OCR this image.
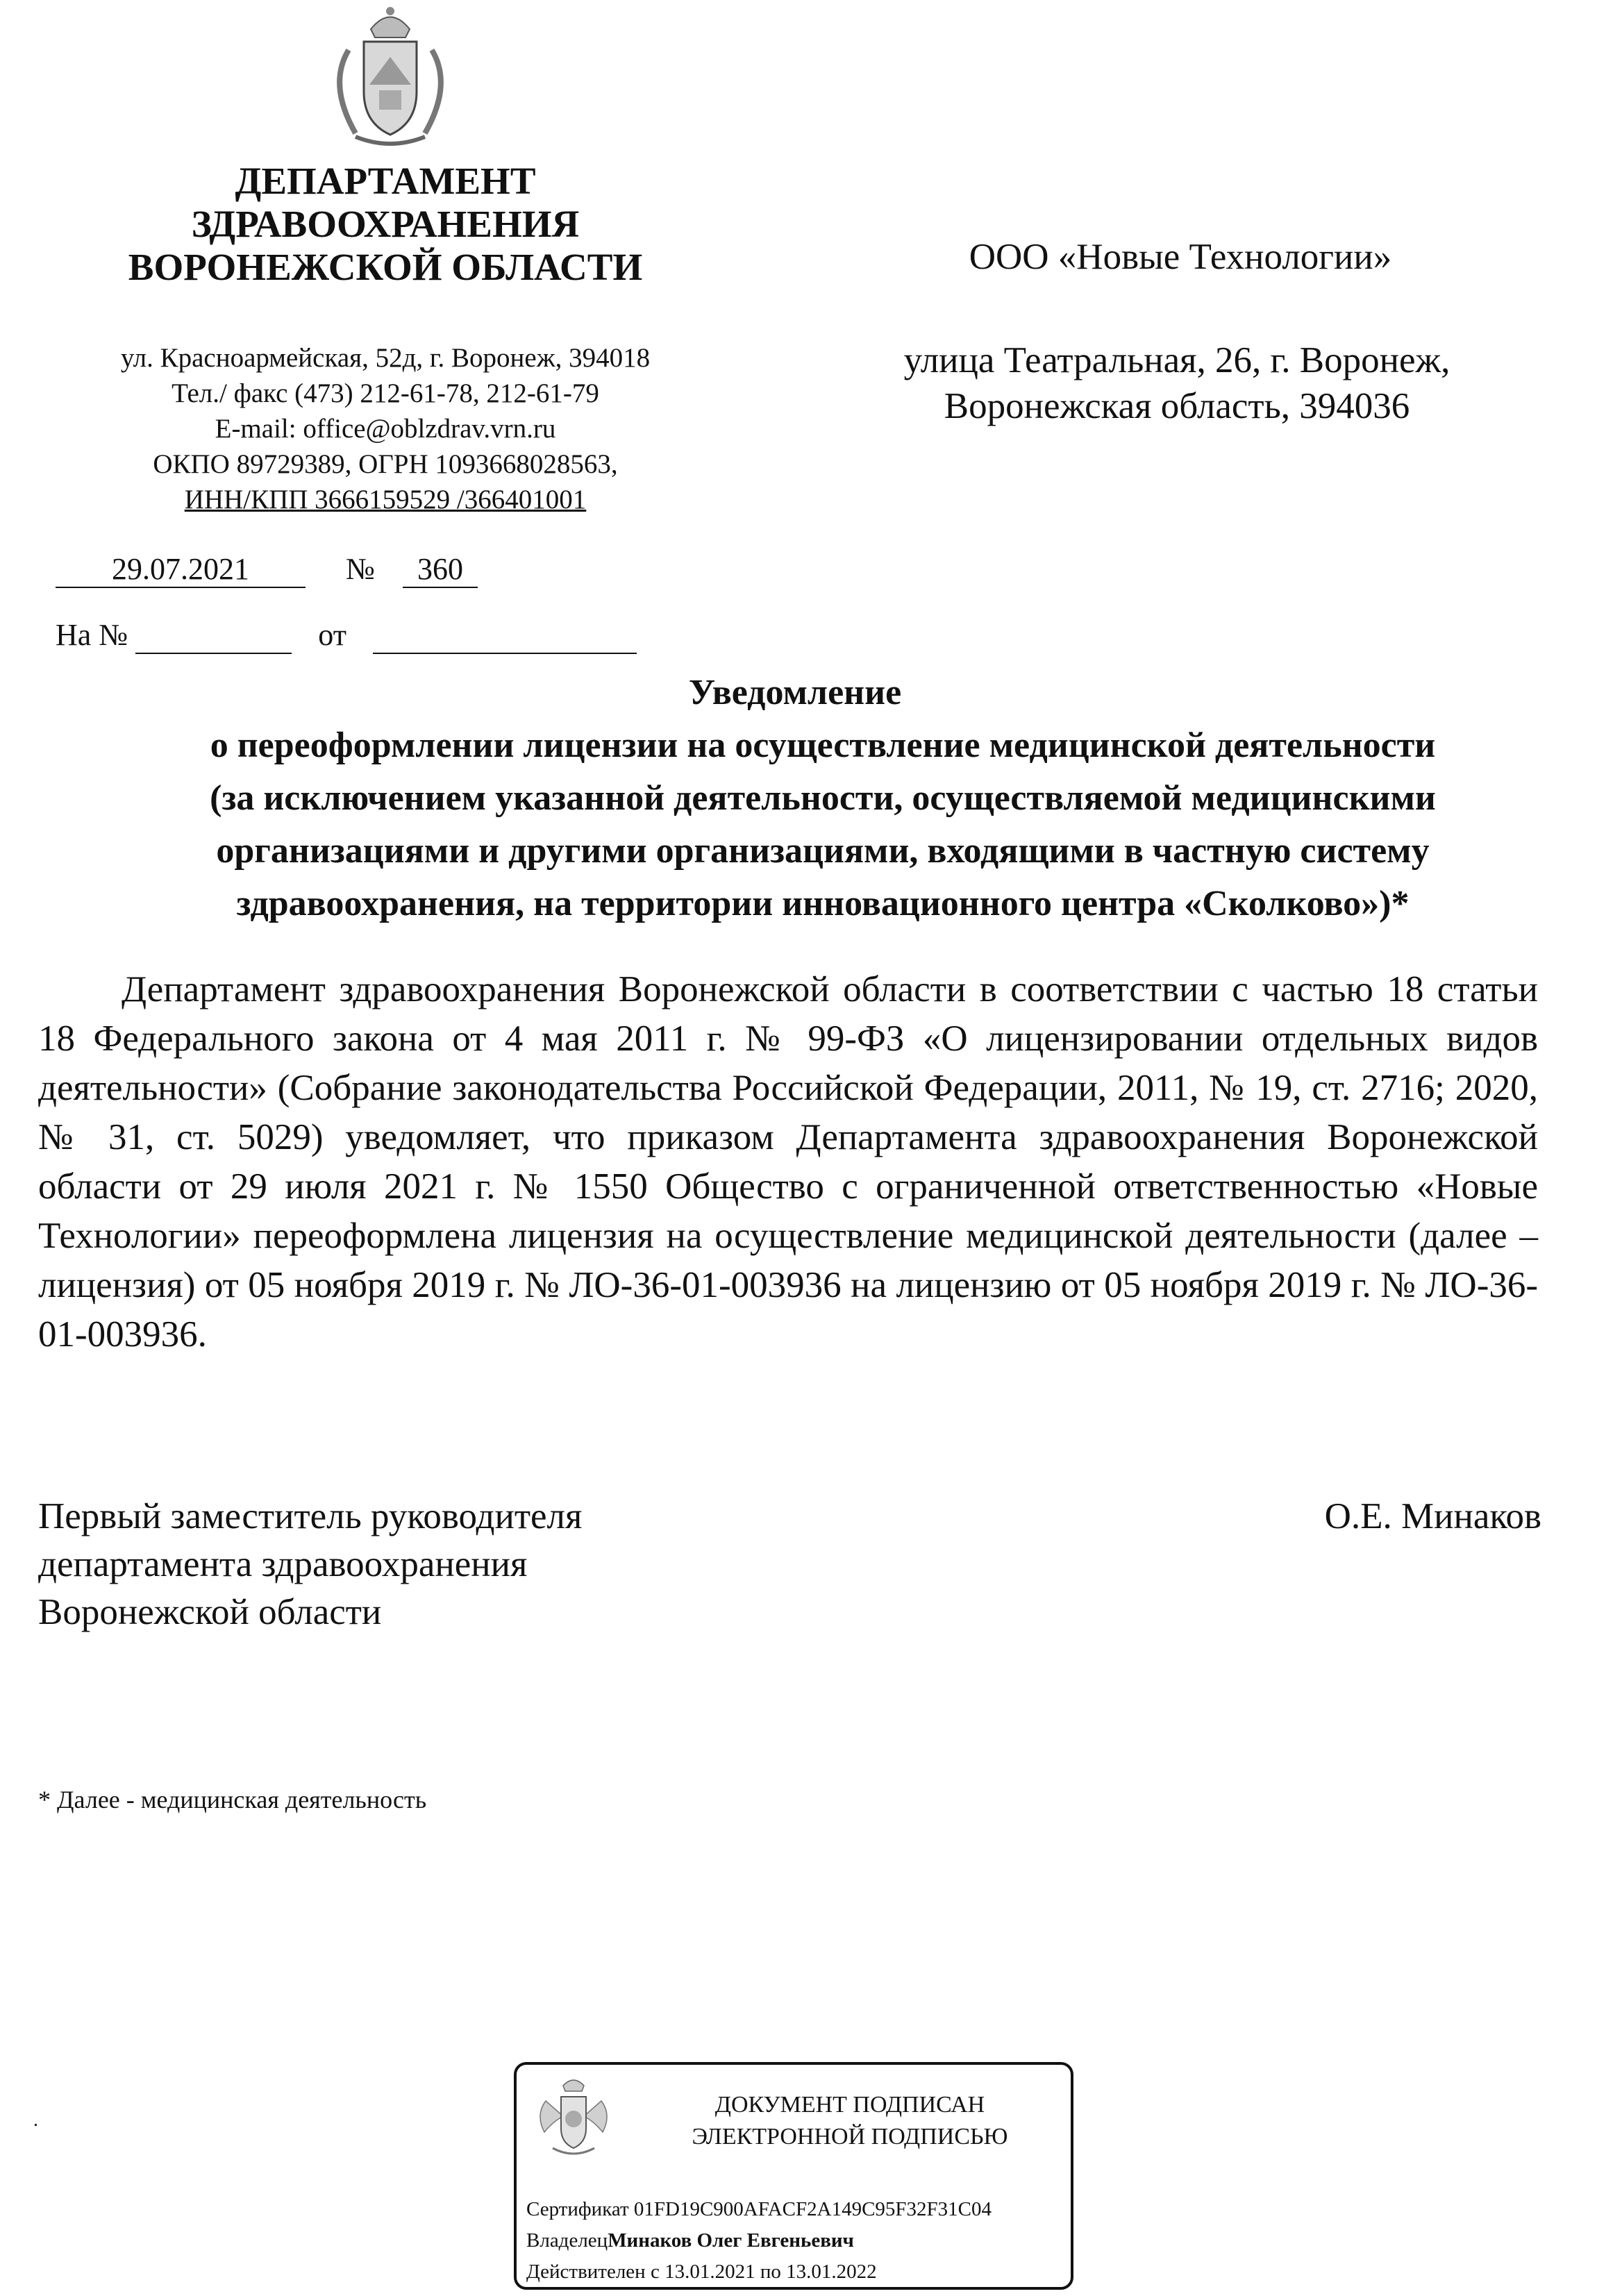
ДЕПАРТАМЕНТ
ЗДРАВООХРАНЕНИЯ
ВОРОНЕЖСКОЙ ОБЛАСТИ
ул. Красноармейская, 52д, г. Воронеж, 394018
Тел./ факс (473) 212-61-78, 212-61-79
E-mail: office@oblzdrav.vrn.ru
ОКПО 89729389, ОГРН 1093668028563,
ИНН/КПП 3666159529 /366401001
ООО «Новые Технологии»
улица Театральная, 26, г. Воронеж,
Воронежская область, 394036
29.07.2021	№ 360
На №	от
Уведомление
о переоформлении лицензии на осуществление медицинской деятельности
(за исключением указанной деятельности, осуществляемой медицинскими
организациями и другими организациями, входящими в частную систему
здравоохранения, на территории инновационного центра «Сколково»)*
Департамент здравоохранения Воронежской области в соответствии с частью 18 статьи 18 Федерального закона от 4 мая 2011 г. № 99-ФЗ «О лицензировании отдельных видов деятельности» (Собрание законодательства Российской Федерации, 2011, № 19, ст. 2716; 2020, № 31, ст. 5029) уведомляет, что приказом Департамента здравоохранения Воронежской области от 29 июля 2021 г. № 1550 Общество с ограниченной ответственностью «Новые Технологии» переоформлена лицензия на осуществление медицинской деятельности (далее – лицензия) от 05 ноября 2019 г. № ЛО-36-01-003936 на лицензию от 05 ноября 2019 г. № ЛО-36-01-003936.
Первый заместитель руководителя
департамента здравоохранения
Воронежской области
О.Е. Минаков
* Далее - медицинская деятельность
.
ДОКУМЕНТ ПОДПИСАН
ЭЛЕКТРОННОЙ ПОДПИСЬЮ
Сертификат 01FD19C900AFACF2A149C95F32F31C04
ВладелецМинаков Олег Евгеньевич
Действителен с 13.01.2021 по 13.01.2022
